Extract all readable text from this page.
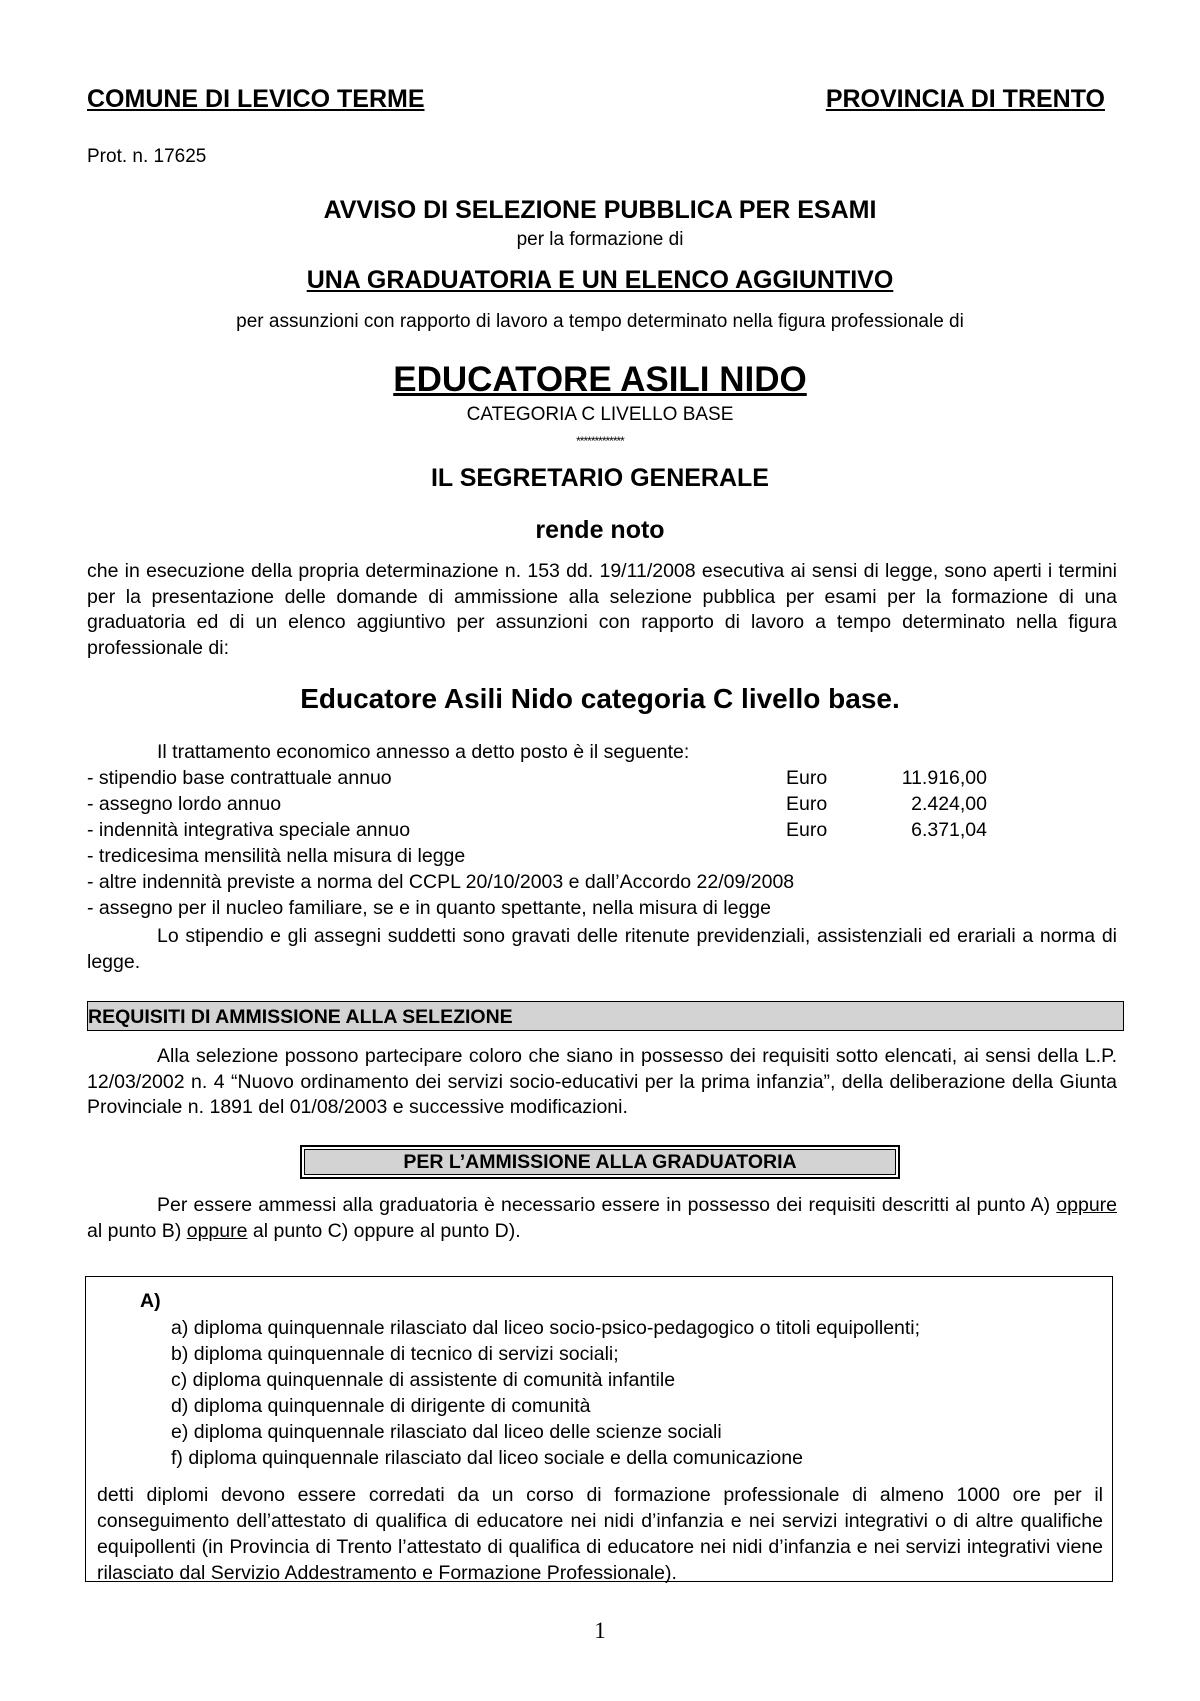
COMUNE DI LEVICO TERME	PROVINCIA DI TRENTO
Prot. n. 17625
AVVISO DI SELEZIONE PUBBLICA PER ESAMI
per la formazione di
UNA GRADUATORIA E UN ELENCO AGGIUNTIVO
per assunzioni con rapporto di lavoro a tempo determinato nella figura professionale di
EDUCATORE ASILI NIDO
CATEGORIA C LIVELLO BASE
*************
IL SEGRETARIO GENERALE
rende noto
che in esecuzione della propria determinazione n. 153 dd. 19/11/2008 esecutiva ai sensi di legge, sono aperti i termini per la presentazione delle domande di ammissione alla selezione pubblica per esami per la formazione di una graduatoria ed di un elenco aggiuntivo per assunzioni con rapporto di lavoro a tempo determinato nella figura professionale di:
Educatore Asili Nido categoria C livello base.
Il trattamento economico annesso a detto posto è il seguente:
- stipendio base contrattuale annuo	Euro	11.916,00
- assegno lordo annuo	Euro	2.424,00
- indennità integrativa speciale annuo	Euro	6.371,04
- tredicesima mensilità nella misura di legge
- altre indennità previste a norma del CCPL 20/10/2003 e dall’Accordo 22/09/2008
- assegno per il nucleo familiare, se e in quanto spettante, nella misura di legge
Lo stipendio e gli assegni suddetti sono gravati delle ritenute previdenziali, assistenziali ed erariali a norma di legge.
REQUISITI DI AMMISSIONE ALLA SELEZIONE
Alla selezione possono partecipare coloro che siano in possesso dei requisiti sotto elencati, ai sensi della L.P. 12/03/2002 n. 4 “Nuovo ordinamento dei servizi socio-educativi per la prima infanzia”, della deliberazione della Giunta Provinciale n. 1891 del 01/08/2003 e successive modificazioni.
PER L’AMMISSIONE ALLA GRADUATORIA
Per essere ammessi alla graduatoria è necessario essere in possesso dei requisiti descritti al punto A) oppure al punto B) oppure al punto C) oppure al punto D).
A)
a) diploma quinquennale rilasciato dal liceo socio-psico-pedagogico o titoli equipollenti;
b) diploma quinquennale di tecnico di servizi sociali;
c) diploma quinquennale di assistente di comunità infantile
d) diploma quinquennale di dirigente di comunità
e) diploma quinquennale rilasciato dal liceo delle scienze sociali
f) diploma quinquennale rilasciato dal liceo sociale e della comunicazione
detti diplomi devono essere corredati da un corso di formazione professionale di almeno 1000 ore per il conseguimento dell’attestato di qualifica di educatore nei nidi d’infanzia e nei servizi integrativi o di altre qualifiche equipollenti (in Provincia di Trento l’attestato di qualifica di educatore nei nidi d’infanzia e nei servizi integrativi viene rilasciato dal Servizio Addestramento e Formazione Professionale).
1
